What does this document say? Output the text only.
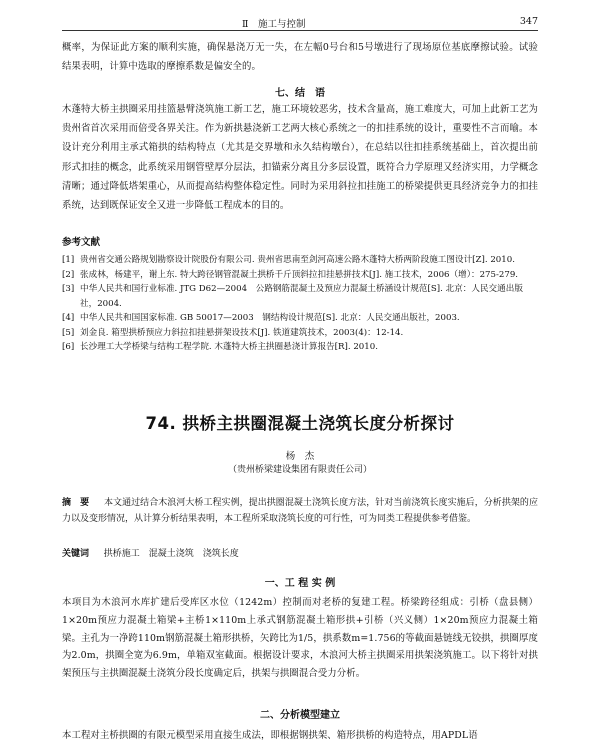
Ⅱ　施工与控制	347
概率，为保证此方案的顺利实施，确保悬浇万无一失，在左幅0号台和5号墩进行了现场原位基底摩擦试验。试验结果表明，计算中选取的摩擦系数是偏安全的。
七、结　语
木蓬特大桥主拱圈采用挂篮悬臂浇筑施工新工艺，施工环境较恶劣，技术含量高，施工难度大，可加上此新工艺为贵州省首次采用而倍受各界关注。作为新拱悬浇新工艺两大核心系统之一的扣挂系统的设计，重要性不言而喻。本设计充分利用主承式箱拱的结构特点（尤其是交界墩和永久结构墩台），在总结以往扣挂系统基础上，首次提出前形式扣挂的概念，此系统采用钢管壁厚分层法，扣锚索分离且分多层设置，既符合力学原理又经济实用，力学概念清晰；通过降低塔架重心，从而提高结构整体稳定性。同时为采用斜拉扣挂施工的桥梁提供更具经济竞争力的扣挂系统，达到既保证安全又进一步降低工程成本的目的。
参考文献

[1] 贵州省交通公路规划勘察设计院股份有限公司. 贵州省思南至剑河高速公路木蓬特大桥两阶段施工图设计[Z]. 2010.

[2] 张成林，杨建平，谢上东. 特大跨径钢管混凝土拱桥千斤顶斜拉扣挂悬拼技术[J]. 施工技术，2006（增）：275-279.

[3] 中华人民共和国行业标准. JTG D62—2004　公路钢筋混凝土及预应力混凝土桥涵设计规范[S]. 北京：人民交通出版社，2004.

[4] 中华人民共和国国家标准. GB 50017—2003　钢结构设计规范[S]. 北京：人民交通出版社，2003.

[5] 刘金良. 箱型拱桥预应力斜拉扣挂悬拼架设技术[J]. 铁道建筑技术，2003(4)：12-14.

[6] 长沙理工大学桥梁与结构工程学院. 木蓬特大桥主拱圈悬浇计算报告[R]. 2010.

74. 拱桥主拱圈混凝土浇筑长度分析探讨
杨　杰
（贵州桥梁建设集团有限责任公司）
摘　要 　 本文通过结合木浪河大桥工程实例，提出拱圈混凝土浇筑长度方法，针对当前浇筑长度实施后，分析拱架的应力以及变形情况，从计算分析结果表明，本工程所采取浇筑长度的可行性，可为同类工程提供参考借鉴。
关键词 　 拱桥施工　混凝土浇筑　浇筑长度
一、工 程 实 例
本项目为木浪河水库扩建后受库区水位（1242m）控制而对老桥的复建工程。桥梁跨径组成：引桥（盘县侧）1×20m预应力混凝土箱梁+主桥1×110m上承式钢筋混凝土箱形拱+引桥（兴义侧）1×20m预应力混凝土箱梁。主孔为一净跨110m钢筋混凝土箱形拱桥，矢跨比为1/5，拱系数m=1.756的等截面悬链线无铰拱，拱圈厚度为2.0m，拱圈全宽为6.9m，单箱双室截面。根据设计要求，木浪河大桥主拱圈采用拱架浇筑施工。以下将针对拱架预压与主拱圈混凝土浇筑分段长度确定后，拱架与拱圈混合受力分析。
二、分析模型建立
本工程对主桥拱圈的有限元模型采用直接生成法，即根据钢拱架、箱形拱桥的构造特点，用APDL语
